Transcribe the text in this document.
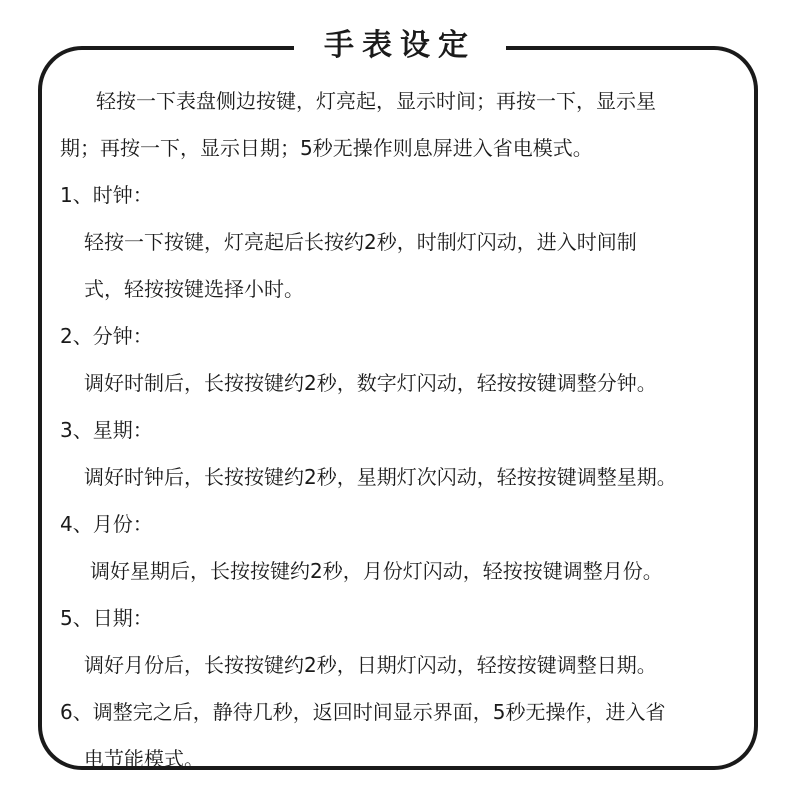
手表设定
轻按一下表盘侧边按键，灯亮起，显示时间；再按一下，显示星
期；再按一下，显示日期；5秒无操作则息屏进入省电模式。
1、时钟：
轻按一下按键，灯亮起后长按约2秒，时制灯闪动，进入时间制
式，轻按按键选择小时。
2、分钟：
调好时制后，长按按键约2秒，数字灯闪动，轻按按键调整分钟。
3、星期：
调好时钟后，长按按键约2秒，星期灯次闪动，轻按按键调整星期。
4、月份：
调好星期后，长按按键约2秒，月份灯闪动，轻按按键调整月份。
5、日期：
调好月份后，长按按键约2秒，日期灯闪动，轻按按键调整日期。
6、调整完之后，静待几秒，返回时间显示界面，5秒无操作，进入省
电节能模式。
